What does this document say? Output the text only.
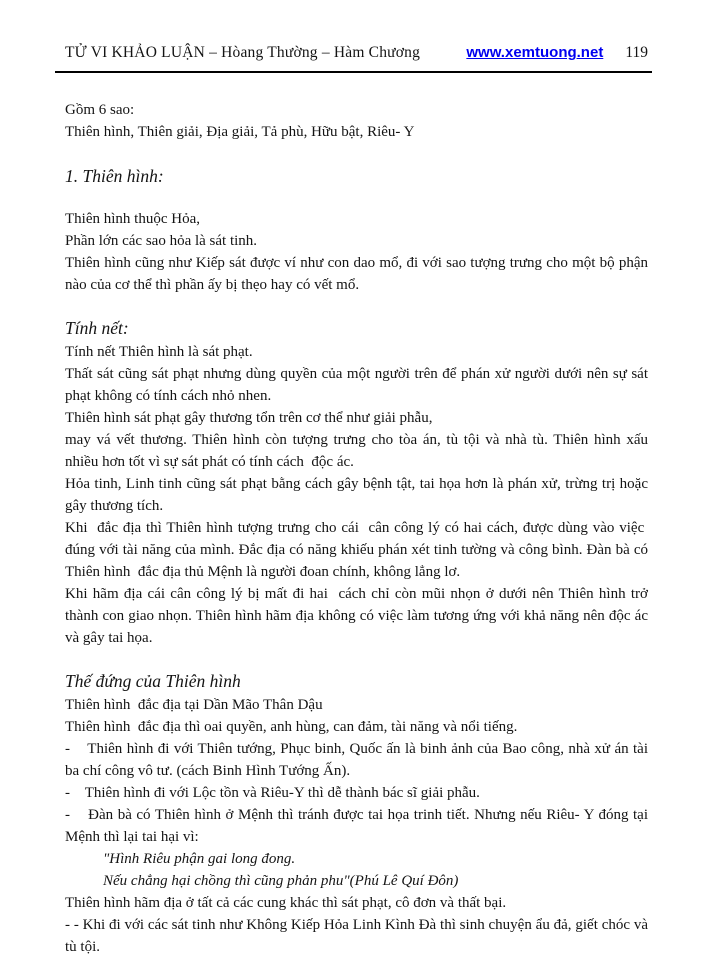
TỬ VI KHẢO LUẬN – Hòang Thường – Hàm Chương	www.xemtuong.net 119

Gồm 6 sao:

Thiên hình, Thiên giải, Địa giải, Tả phù, Hữu bật, Riêu- Y

1. Thiên hình:

Thiên hình thuộc Hỏa,

Phần lớn các sao hỏa là sát tinh.

Thiên hình cũng như Kiếp sát được ví như con dao mổ, đi với sao tượng trưng cho một bộ phận nào của cơ thể thì phần ấy bị thẹo hay có vết mổ.

Tính nết:

Tính nết Thiên hình là sát phạt.

Thất sát cũng sát phạt nhưng dùng quyền của một người trên để phán xử người dưới nên sự sát phạt không có tính cách nhỏ nhen.

Thiên hình sát phạt gây thương tổn trên cơ thể như giải phẫu,

may vá vết thương. Thiên hình còn tượng trưng cho tòa án, tù tội và nhà tù. Thiên hình xấu nhiều hơn tốt vì sự sát phát có tính cách  độc ác.

Hỏa tinh, Linh tinh cũng sát phạt bằng cách gây bệnh tật, tai họa hơn là phán xử, trừng trị hoặc gây thương tích.

Khi  đắc địa thì Thiên hình tượng trưng cho cái  cân công lý có hai cách, được dùng vào việc  đúng với tài năng của mình. Đắc địa có năng khiếu phán xét tinh tường và công bình. Đàn bà có Thiên hình  đắc địa thủ Mệnh là người đoan chính, không lẳng lơ.

Khi hãm địa cái cân công lý bị mất đi hai  cách chỉ còn mũi nhọn ở dưới nên Thiên hình trở thành con giao nhọn. Thiên hình hãm địa không có việc làm tương ứng với khả năng nên độc ác và gây tai họa.

Thế đứng của Thiên hình

Thiên hình  đắc địa tại Dần Mão Thân Dậu

Thiên hình  đắc địa thì oai quyền, anh hùng, can đảm, tài năng và nổi tiếng.

-    Thiên hình đi với Thiên tướng, Phục binh, Quốc ấn là binh ảnh của Bao công, nhà xử án tài ba chí công vô tư. (cách Binh Hình Tướng Ấn).

-    Thiên hình đi với Lộc tồn và Riêu-Y thì dễ thành bác sĩ giải phẫu.

-    Đàn bà có Thiên hình ở Mệnh thì tránh được tai họa trinh tiết. Nhưng nếu Riêu- Y đóng tại Mệnh thì lại tai hại vì:

"Hình Riêu phận gai long đong.

Nếu chẳng hại chồng thì cũng phản phu"(Phú Lê Quí Đôn)

Thiên hình hãm địa ở tất cả các cung khác thì sát phạt, cô đơn và thất bại.

- - Khi đi với các sát tinh như Không Kiếp Hỏa Linh Kình Đà thì sinh chuyện ẩu đả, giết chóc và tù tội.
